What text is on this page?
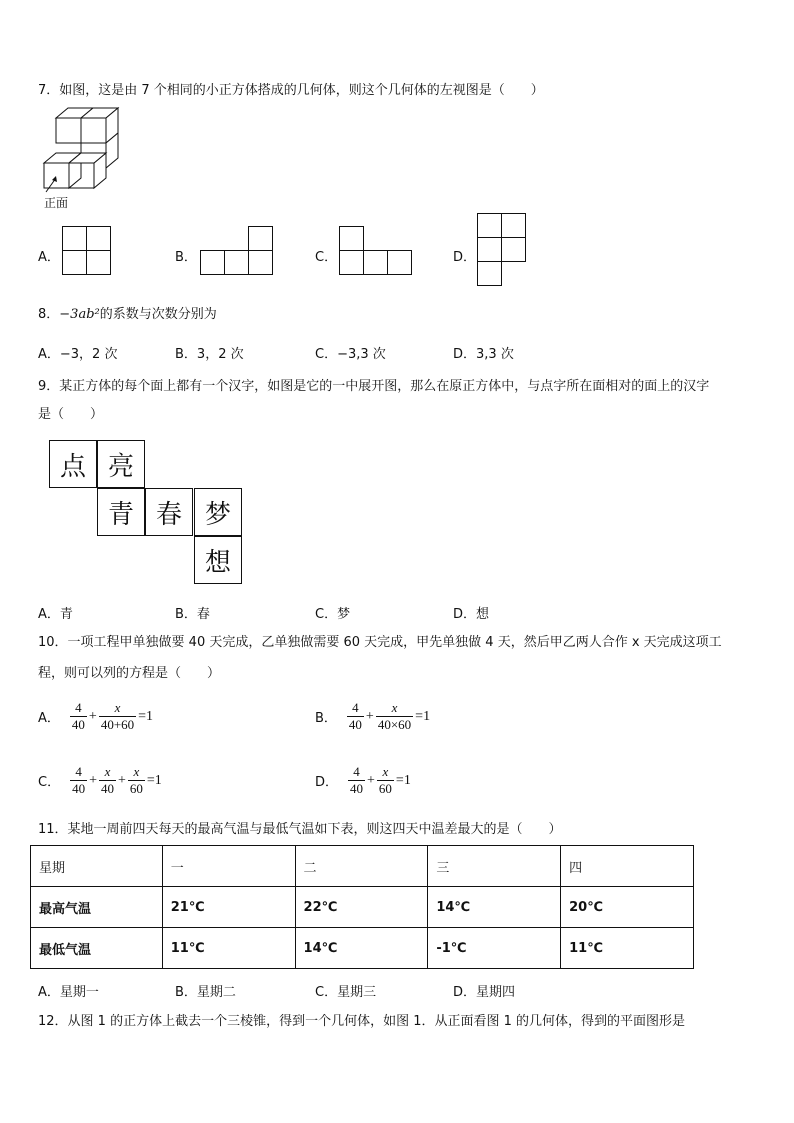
7．如图，这是由 7 个相同的小正方体搭成的几何体，则这个几何体的左视图是（　　）
正面
A．	B．	C．	D．
8．−3ab²的系数与次数分别为
A．−3，2 次	B．3，2 次	C．−3,3 次	D．3,3 次
9．某正方体的每个面上都有一个汉字，如图是它的一中展开图，那么在原正方体中，与点字所在面相对的面上的汉字
是（　　）
点 亮
青 春 梦
想
A．青	B．春	C．梦	D．想
10．一项工程甲单独做要 40 天完成，乙单独做需要 60 天完成，甲先单独做 4 天，然后甲乙两人合作 x 天完成这项工
程，则可以列的方程是（　　）
A． $\frac{4}{40} + \frac{x}{40+60} =1$	B． $\frac{4}{40} + \frac{x}{40\times 60} =1$
C． $\frac{4}{40} + \frac{x}{40} + \frac{x}{60} =1$	D． $\frac{4}{40} + \frac{x}{60} =1$
11．某地一周前四天每天的最高气温与最低气温如下表，则这四天中温差最大的是（　　）
星期	一	二	三	四
最高气温	21℃	22℃	14℃	20℃
最低气温	11℃	14℃	-1℃	11℃
A．星期一	B．星期二	C．星期三	D．星期四
12．从图 1 的正方体上截去一个三棱锥，得到一个几何体，如图 1．从正面看图 1 的几何体，得到的平面图形是
